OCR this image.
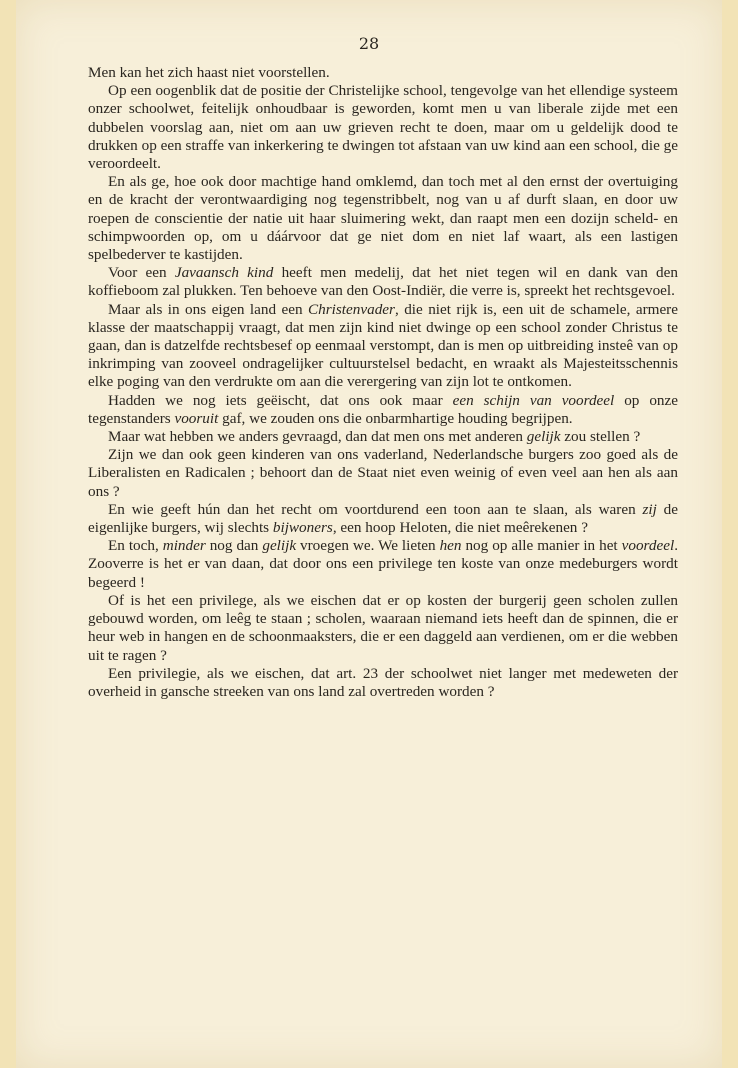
28

Men kan het zich haast niet voorstellen.

Op een oogenblik dat de positie der Christelijke school, tengevolge van het ellendige systeem onzer schoolwet, feitelijk onhoudbaar is geworden, komt men u van liberale zijde met een dubbelen voorslag aan, niet om aan uw grieven recht te doen, maar om u geldelijk dood te drukken op een straffe van inkerkering te dwingen tot afstaan van uw kind aan een school, die ge veroordeelt.

En als ge, hoe ook door machtige hand omklemd, dan toch met al den ernst der overtuiging en de kracht der verontwaardiging nog tegenstribbelt, nog van u af durft slaan, en door uw roepen de conscientie der natie uit haar sluimering wekt, dan raapt men een dozijn scheld- en schimpwoorden op, om u dáárvoor dat ge niet dom en niet laf waart, als een lastigen spelbederver te kastijden.

Voor een Javaansch kind heeft men medelij, dat het niet tegen wil en dank van den koffieboom zal plukken. Ten behoeve van den Oost-Indiër, die verre is, spreekt het rechtsgevoel.

Maar als in ons eigen land een Christenvader, die niet rijk is, een uit de schamele, armere klasse der maatschappij vraagt, dat men zijn kind niet dwinge op een school zonder Christus te gaan, dan is datzelfde rechtsbesef op eenmaal verstompt, dan is men op uitbreiding insteê van op inkrimping van zooveel ondragelijker cultuurstelsel bedacht, en wraakt als Majesteitsschennis elke poging van den verdrukte om aan die verergering van zijn lot te ontkomen.

Hadden we nog iets geëischt, dat ons ook maar een schijn van voordeel op onze tegenstanders vooruit gaf, we zouden ons die onbarmhartige houding begrijpen.

Maar wat hebben we anders gevraagd, dan dat men ons met anderen gelijk zou stellen ?

Zijn we dan ook geen kinderen van ons vaderland, Nederlandsche burgers zoo goed als de Liberalisten en Radicalen ; behoort dan de Staat niet even weinig of even veel aan hen als aan ons ?

En wie geeft hún dan het recht om voortdurend een toon aan te slaan, als waren zij de eigenlijke burgers, wij slechts bijwoners, een hoop Heloten, die niet meêrekenen ?

En toch, minder nog dan gelijk vroegen we. We lieten hen nog op alle manier in het voordeel. Zooverre is het er van daan, dat door ons een privilege ten koste van onze medeburgers wordt begeerd !

Of is het een privilege, als we eischen dat er op kosten der burgerij geen scholen zullen gebouwd worden, om leêg te staan ; scholen, waaraan niemand iets heeft dan de spinnen, die er heur web in hangen en de schoonmaaksters, die er een daggeld aan verdienen, om er die webben uit te ragen ?

Een privilegie, als we eischen, dat art. 23 der schoolwet niet langer met medeweten der overheid in gansche streeken van ons land zal overtreden worden ?
